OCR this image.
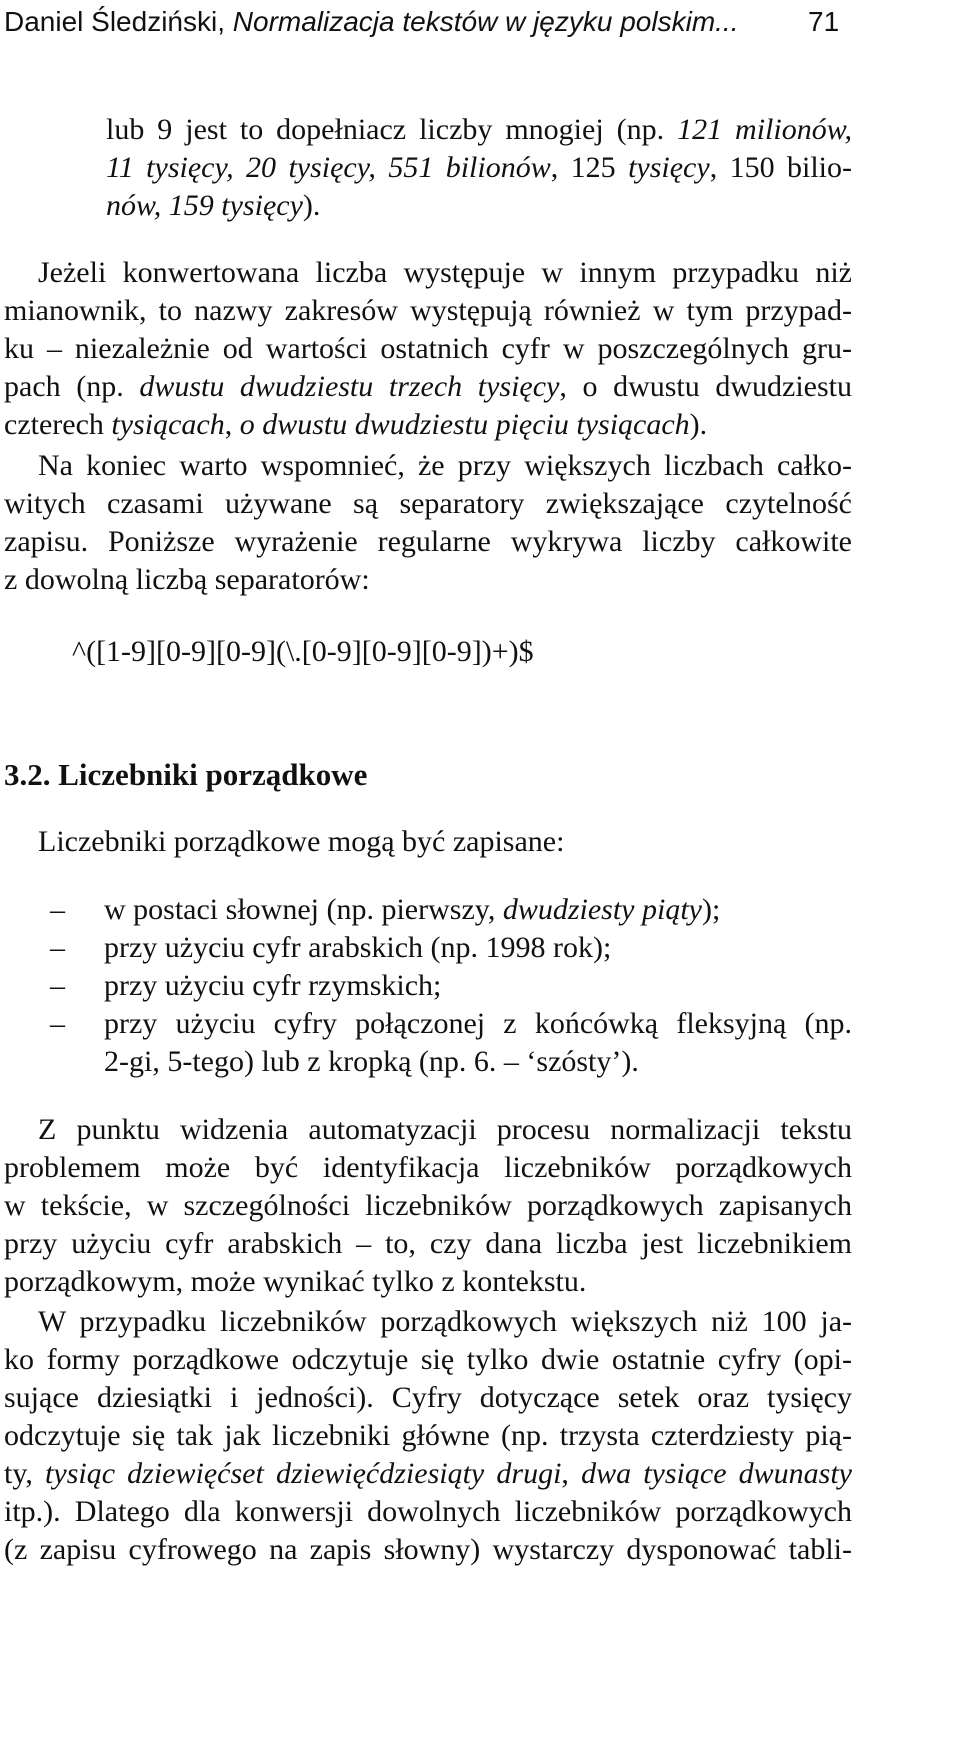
Daniel Śledziński, Normalizacja tekstów w języku polskim...	71
lub 9 jest to dopełniacz liczby mnogiej (np. 121 milionów,
11 tysięcy, 20 tysięcy, 551 bilionów, 125 tysięcy, 150 bilio-
nów, 159 tysięcy).
Jeżeli konwertowana liczba występuje w innym przypadku niż
mianownik, to nazwy zakresów występują również w tym przypad-
ku – niezależnie od wartości ostatnich cyfr w poszczególnych gru-
pach (np. dwustu dwudziestu trzech tysięcy, o dwustu dwudziestu
czterech tysiącach, o dwustu dwudziestu pięciu tysiącach).
Na koniec warto wspomnieć, że przy większych liczbach całko-
witych czasami używane są separatory zwiększające czytelność
zapisu. Poniższe wyrażenie regularne wykrywa liczby całkowite
z dowolną liczbą separatorów:
^([1-9][0-9][0-9](\.[0-9][0-9][0-9])+)$
3.2. Liczebniki porządkowe
Liczebniki porządkowe mogą być zapisane:
– w postaci słownej (np. pierwszy, dwudziesty piąty);
– przy użyciu cyfr arabskich (np. 1998 rok);
– przy użyciu cyfr rzymskich;
– przy użyciu cyfry połączonej z końcówką fleksyjną (np.
2-gi, 5-tego) lub z kropką (np. 6. – ‘szósty’).
Z punktu widzenia automatyzacji procesu normalizacji tekstu
problemem może być identyfikacja liczebników porządkowych
w tekście, w szczególności liczebników porządkowych zapisanych
przy użyciu cyfr arabskich – to, czy dana liczba jest liczebnikiem
porządkowym, może wynikać tylko z kontekstu.
W przypadku liczebników porządkowych większych niż 100 ja-
ko formy porządkowe odczytuje się tylko dwie ostatnie cyfry (opi-
sujące dziesiątki i jedności). Cyfry dotyczące setek oraz tysięcy
odczytuje się tak jak liczebniki główne (np. trzysta czterdziesty pią-
ty, tysiąc dziewięćset dziewięćdziesiąty drugi, dwa tysiące dwunasty
itp.). Dlatego dla konwersji dowolnych liczebników porządkowych
(z zapisu cyfrowego na zapis słowny) wystarczy dysponować tabli-
